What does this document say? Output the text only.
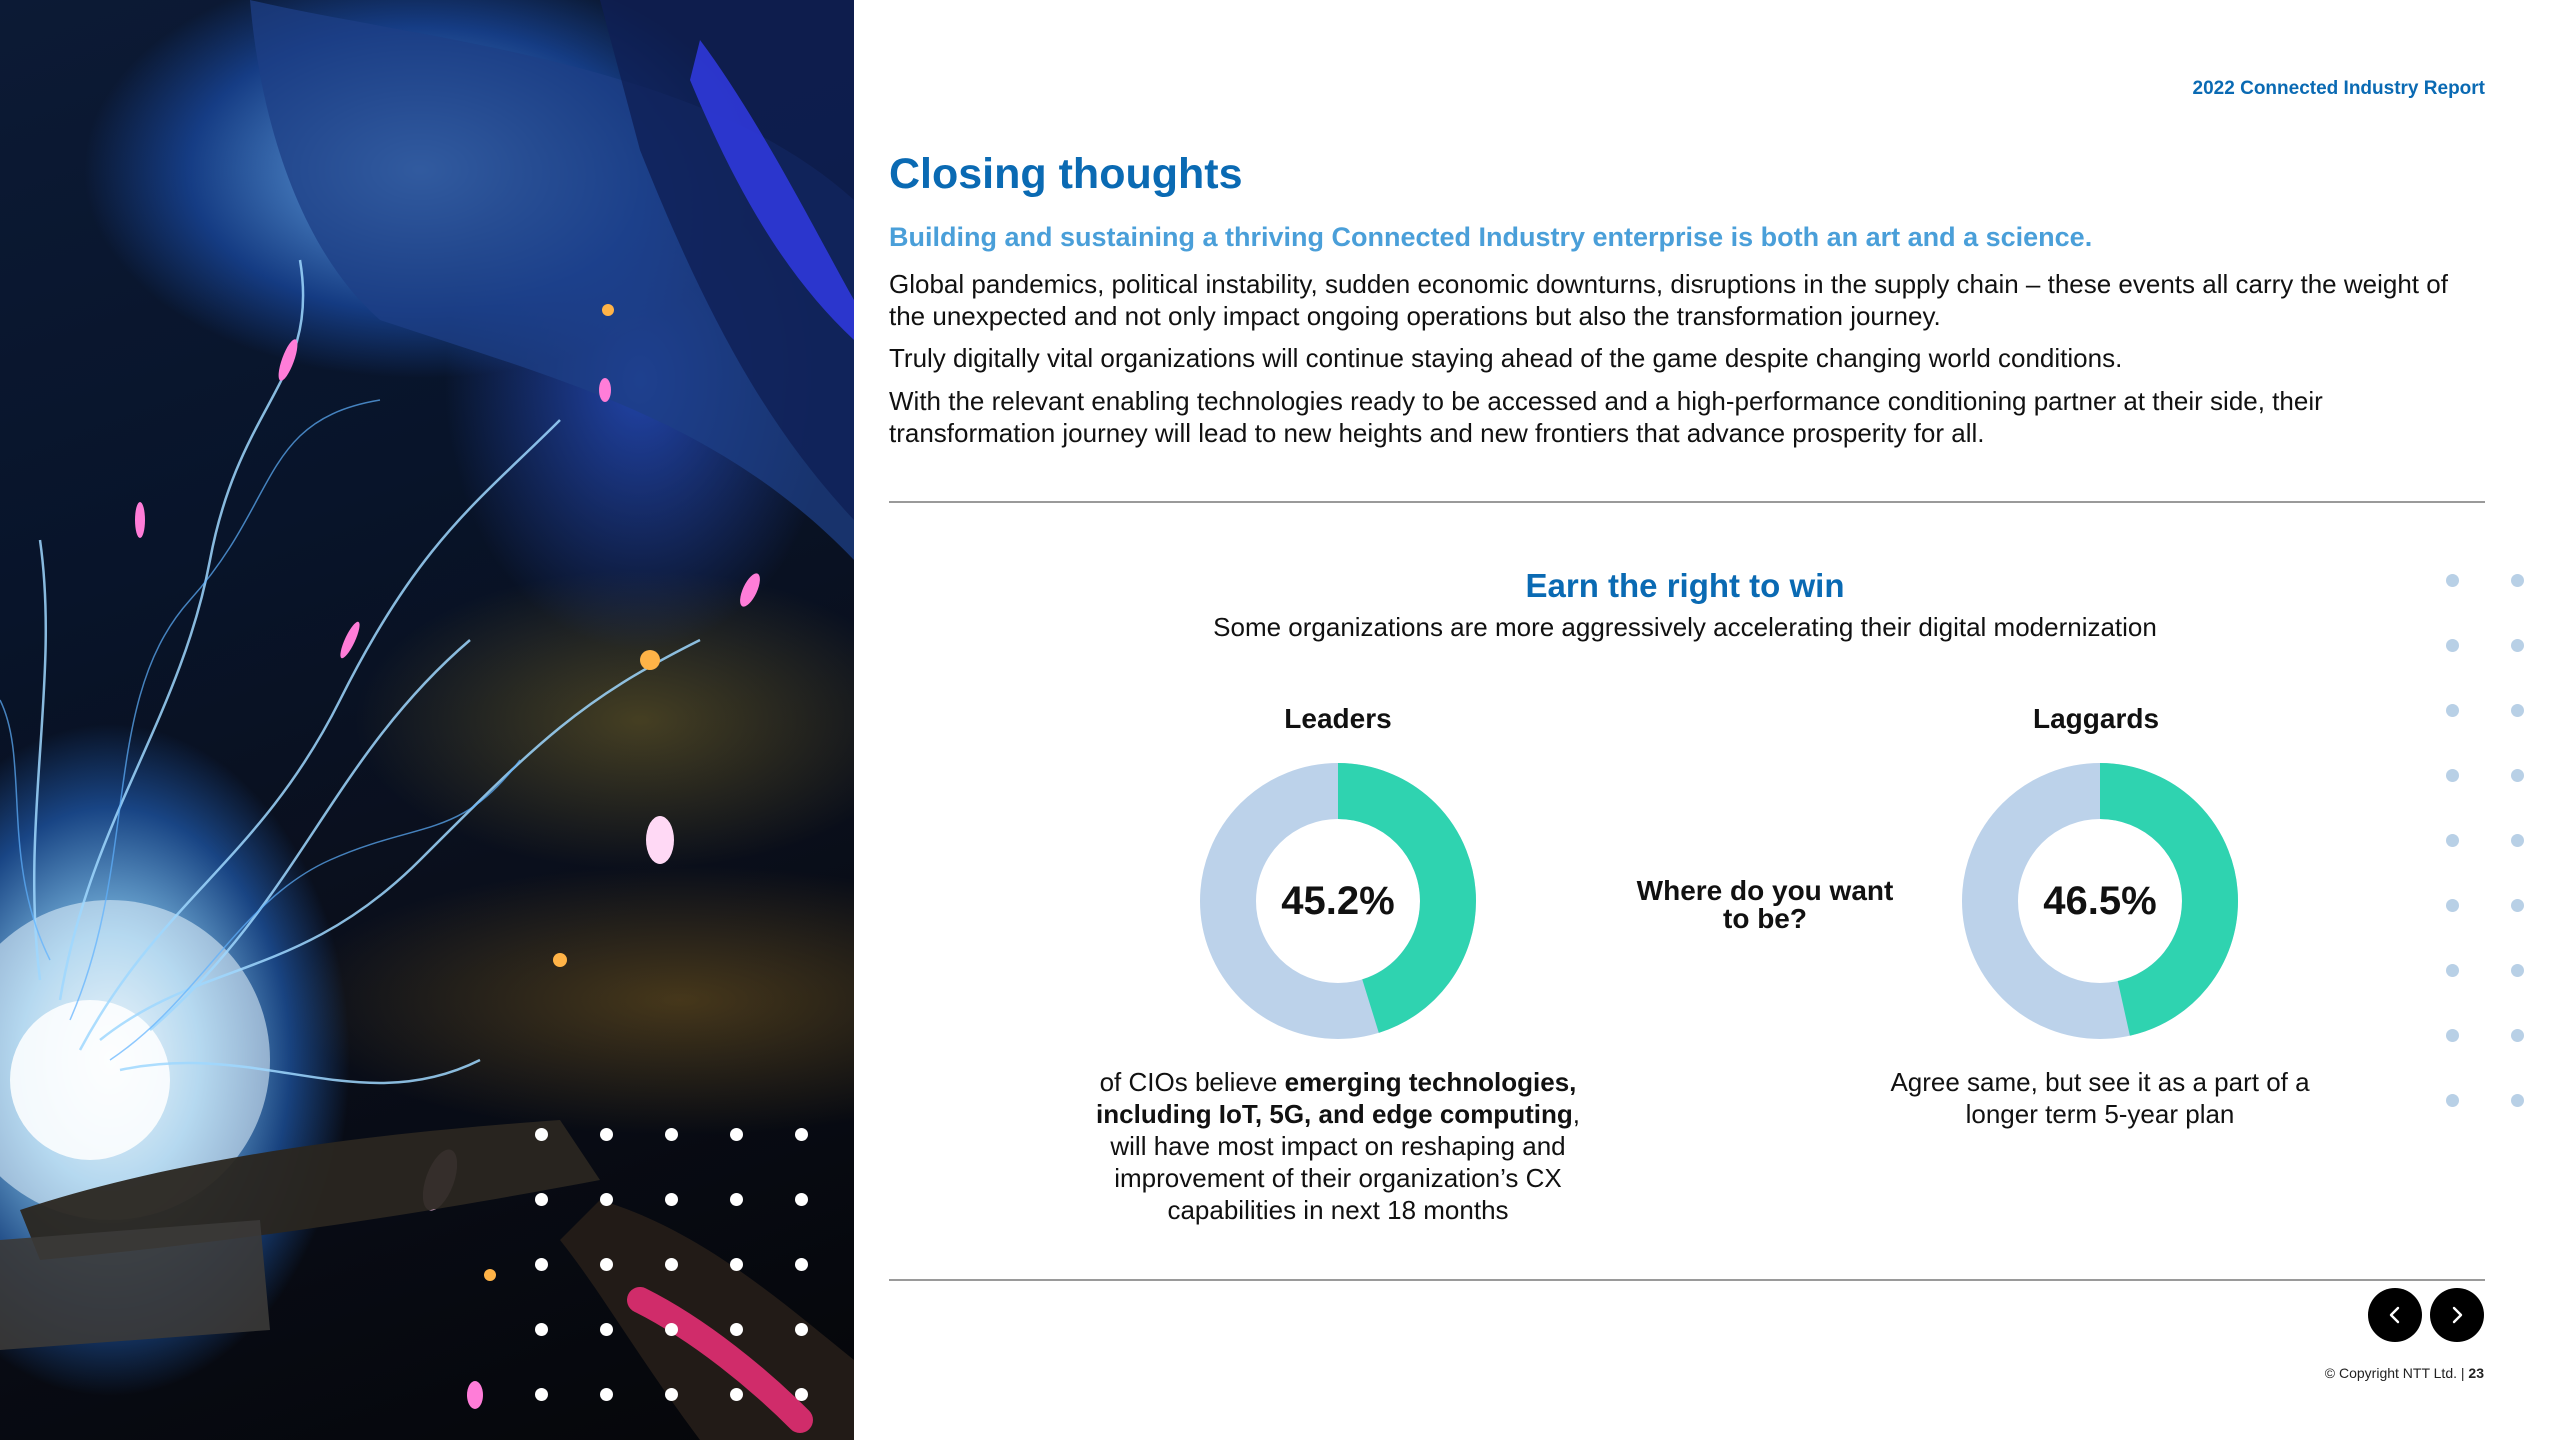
2022 Connected Industry Report
Closing thoughts

Building and sustaining a thriving Connected Industry enterprise is both an art and a science.

Global pandemics, political instability, sudden economic downturns, disruptions in the supply chain – these events all carry the weight of the unexpected and not only impact ongoing operations but also the transformation journey.

Truly digitally vital organizations will continue staying ahead of the game despite changing world conditions.

With the relevant enabling technologies ready to be accessed and a high-performance conditioning partner at their side, their transformation journey will lead to new heights and new frontiers that advance prosperity for all.

Earn the right to win
Some organizations are more aggressively accelerating their digital modernization
Leaders	Laggards
45.2%	Where do you want to be?	46.5%
of CIOs believe emerging technologies, including IoT, 5G, and edge computing, will have most impact on reshaping and improvement of their organization’s CX capabilities in next 18 months
Agree same, but see it as a part of a longer term 5-year plan
© Copyright NTT Ltd. | 23
